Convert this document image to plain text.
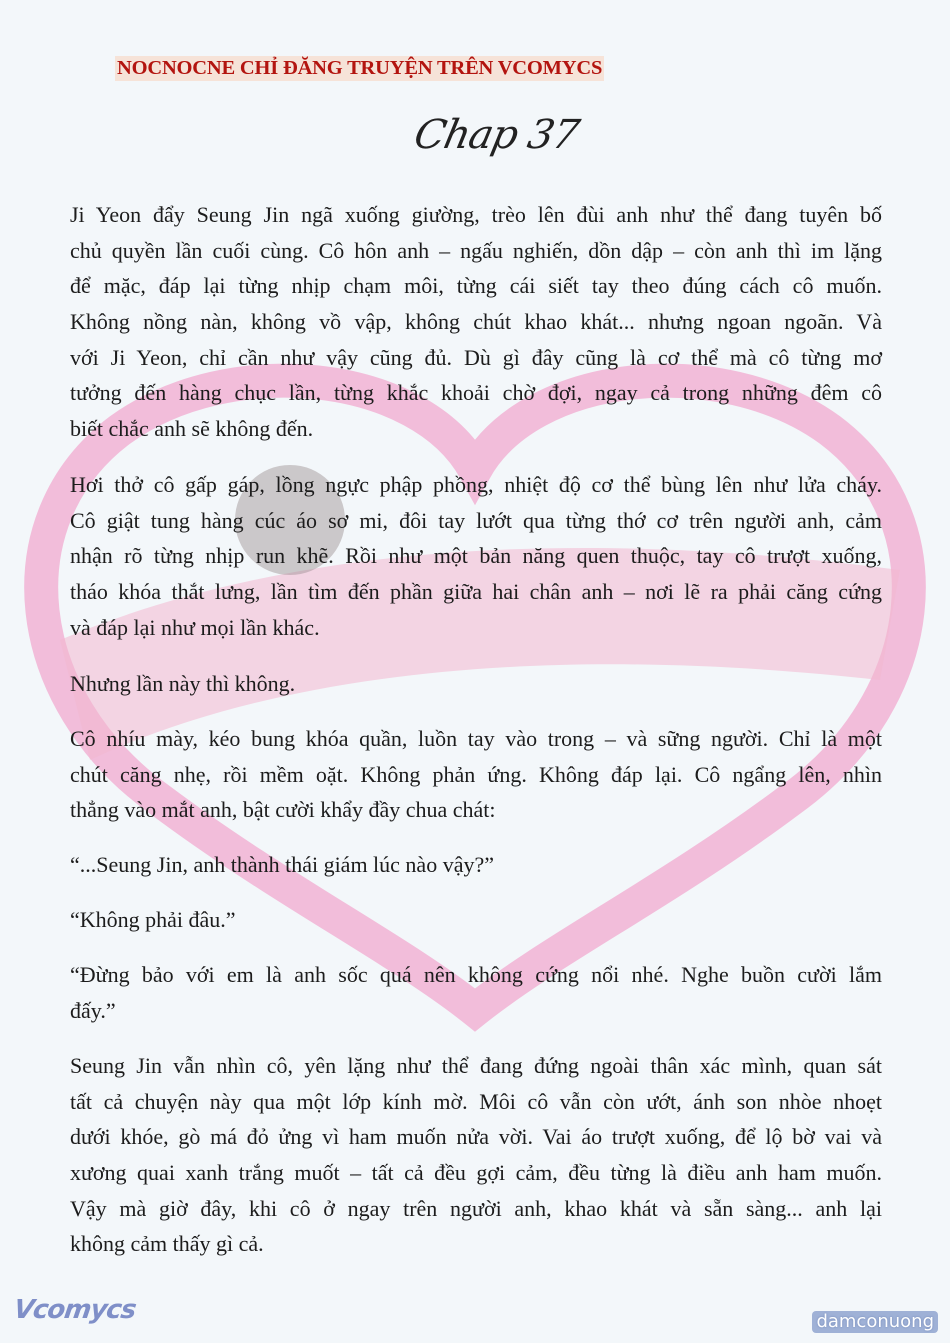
NOCNOCNE CHỈ ĐĂNG TRUYỆN TRÊN VCOMYCS
Chap 37
Ji Yeon đẩy Seung Jin ngã xuống giường, trèo lên đùi anh như thể đang tuyên bố
chủ quyền lần cuối cùng. Cô hôn anh – ngấu nghiến, dồn dập – còn anh thì im lặng
để mặc, đáp lại từng nhịp chạm môi, từng cái siết tay theo đúng cách cô muốn.
Không nồng nàn, không vồ vập, không chút khao khát... nhưng ngoan ngoãn. Và
với Ji Yeon, chỉ cần như vậy cũng đủ. Dù gì đây cũng là cơ thể mà cô từng mơ
tưởng đến hàng chục lần, từng khắc khoải chờ đợi, ngay cả trong những đêm cô
biết chắc anh sẽ không đến.
Hơi thở cô gấp gáp, lồng ngực phập phồng, nhiệt độ cơ thể bùng lên như lửa cháy.
Cô giật tung hàng cúc áo sơ mi, đôi tay lướt qua từng thớ cơ trên người anh, cảm
nhận rõ từng nhịp run khẽ. Rồi như một bản năng quen thuộc, tay cô trượt xuống,
tháo khóa thắt lưng, lần tìm đến phần giữa hai chân anh – nơi lẽ ra phải căng cứng
và đáp lại như mọi lần khác.
Nhưng lần này thì không.
Cô nhíu mày, kéo bung khóa quần, luồn tay vào trong – và sững người. Chỉ là một
chút căng nhẹ, rồi mềm oặt. Không phản ứng. Không đáp lại. Cô ngẩng lên, nhìn
thẳng vào mắt anh, bật cười khẩy đầy chua chát:
“...Seung Jin, anh thành thái giám lúc nào vậy?”
“Không phải đâu.”
“Đừng bảo với em là anh sốc quá nên không cứng nổi nhé. Nghe buồn cười lắm
đấy.”
Seung Jin vẫn nhìn cô, yên lặng như thể đang đứng ngoài thân xác mình, quan sát
tất cả chuyện này qua một lớp kính mờ. Môi cô vẫn còn ướt, ánh son nhòe nhoẹt
dưới khóe, gò má đỏ ửng vì ham muốn nửa vời. Vai áo trượt xuống, để lộ bờ vai và
xương quai xanh trắng muốt – tất cả đều gợi cảm, đều từng là điều anh ham muốn.
Vậy mà giờ đây, khi cô ở ngay trên người anh, khao khát và sẵn sàng... anh lại
không cảm thấy gì cả.
Vcomycs	damconuong
